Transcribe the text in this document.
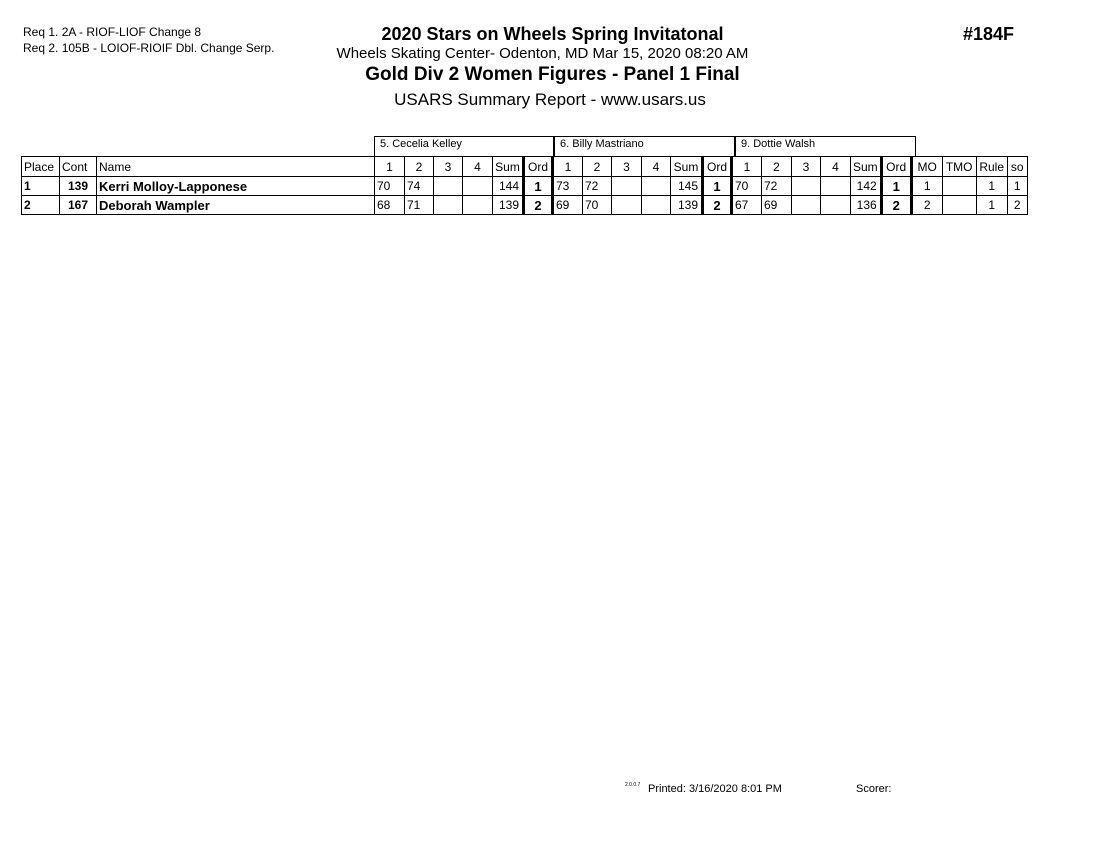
Req 1. 2A - RIOF-LIOF Change 8
Req 2. 105B - LOIOF-RIOIF Dbl. Change Serp.
2020 Stars on Wheels Spring Invitatonal
Wheels Skating Center- Odenton, MD Mar 15, 2020 08:20 AM
Gold Div 2 Women Figures - Panel 1 Final
USARS Summary Report - www.usars.us
#184F
5. Cecelia Kelley	6. Billy Mastriano	9. Dottie Walsh
Place	Cont	Name	1	2	3	4	Sum	Ord	1	2	3	4	Sum	Ord	1	2	3	4	Sum	Ord	MO	TMO	Rule	so
1	139	Kerri Molloy-Lapponese	70	74			144	1	73	72			145	1	70	72			142	1	1		1	1
2	167	Deborah Wampler	68	71			139	2	69	70			139	2	67	69			136	2	2		1	2
2.0.0.7 Printed: 3/16/2020 8:01 PM	Scorer:
